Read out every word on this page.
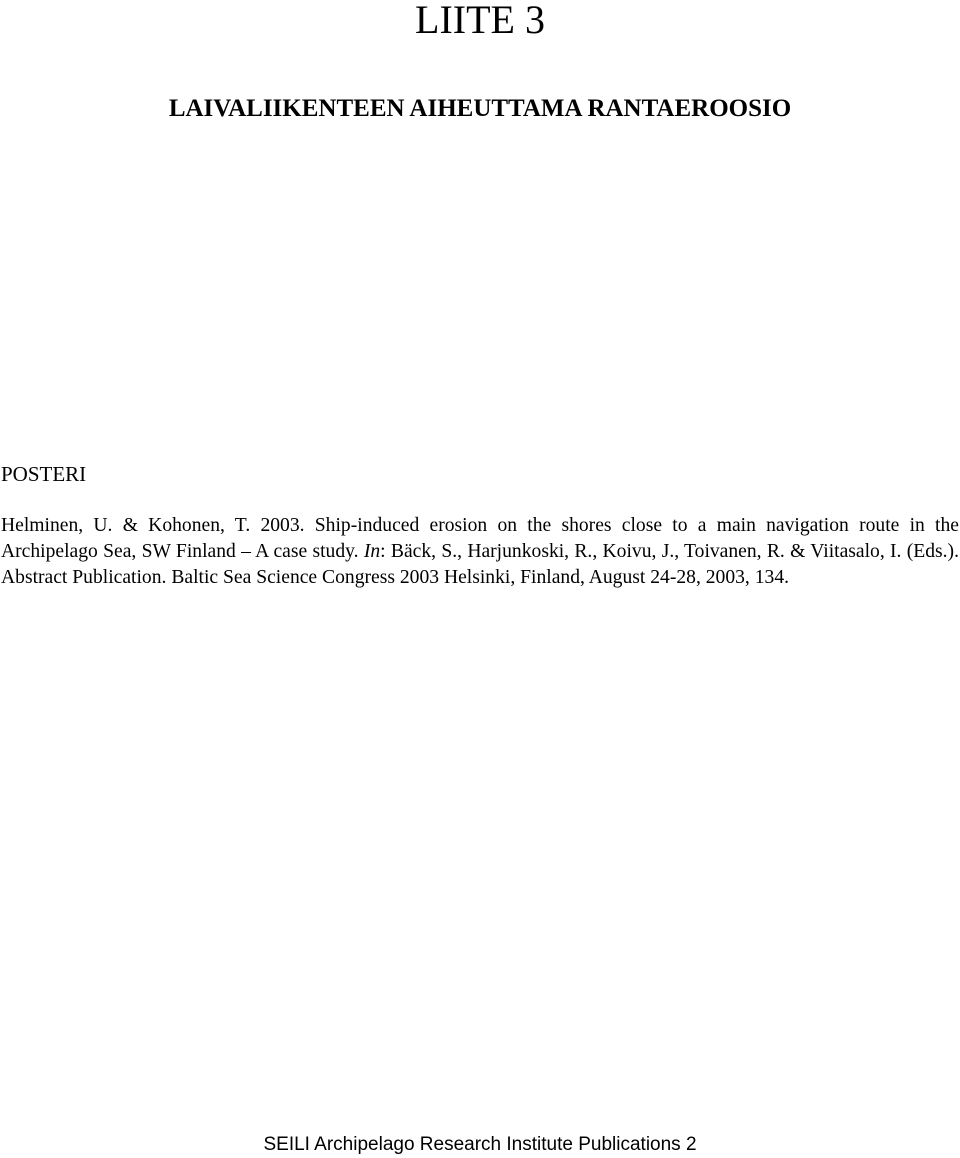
LIITE 3
LAIVALIIKENTEEN AIHEUTTAMA RANTAEROOSIO

POSTERI

Helminen, U. & Kohonen, T. 2003. Ship-induced erosion on the shores close to a main navigation route in the Archipelago Sea, SW Finland – A case study. In: Bäck, S., Harjunkoski, R., Koivu, J., Toivanen, R. & Viitasalo, I. (Eds.). Abstract Publication. Baltic Sea Science Congress 2003 Helsinki, Finland, August 24-28, 2003, 134.

SEILI Archipelago Research Institute Publications 2
